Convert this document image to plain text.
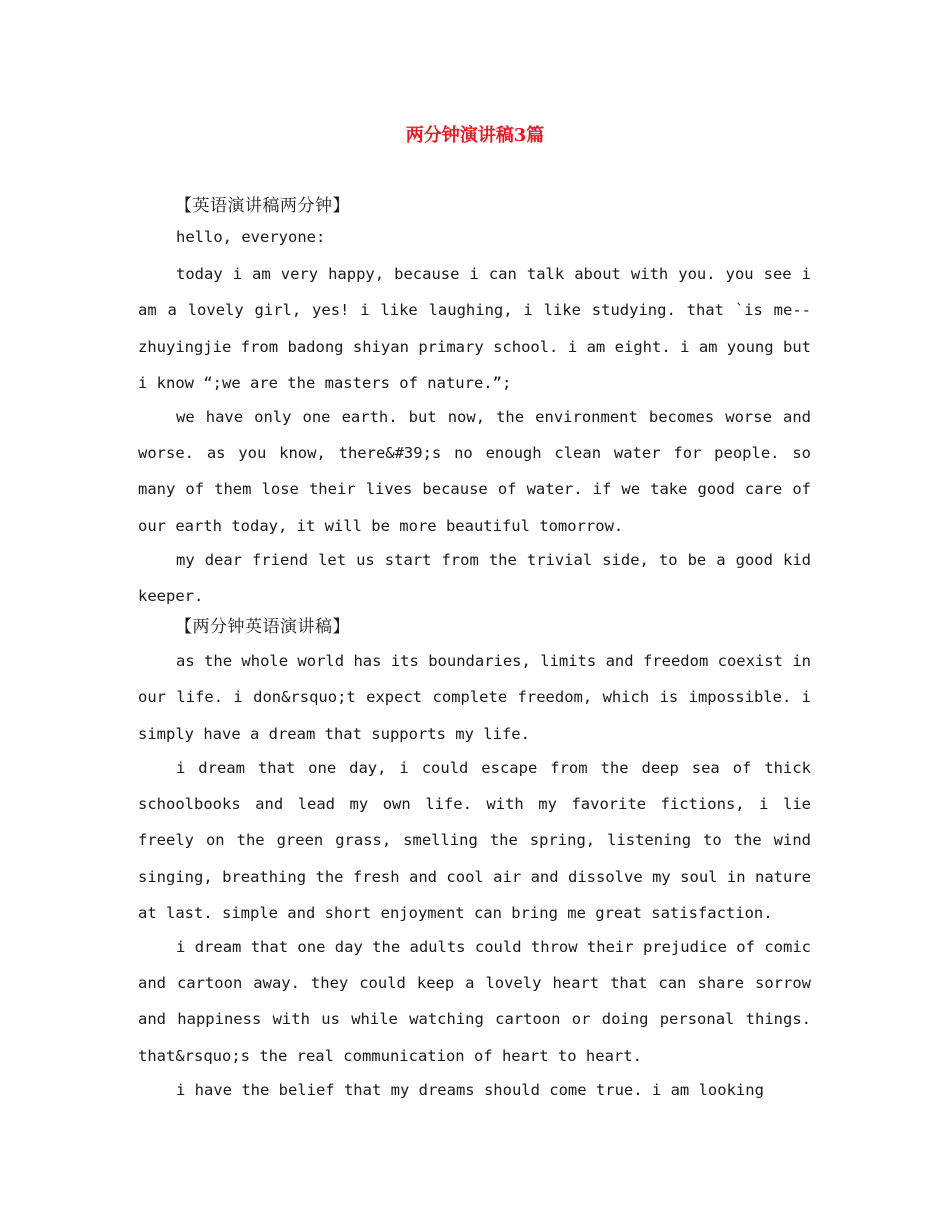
两分钟演讲稿3篇

【英语演讲稿两分钟】

hello, everyone:

today i am very happy, because i can talk about with you. you see i am a lovely girl, yes! i like laughing, i like studying. that `is me--zhuyingjie from badong shiyan primary school. i am eight. i am young but i know “;we are the masters of nature.”;

we have only one earth. but now, the environment becomes worse and worse. as you know, there&#39;s no enough clean water for people. so many of them lose their lives because of water. if we take good care of our earth today, it will be more beautiful tomorrow.

my dear friend let us start from the trivial side, to be a good kid keeper.

【两分钟英语演讲稿】

as the whole world has its boundaries, limits and freedom coexist in our life. i don&rsquo;t expect complete freedom, which is impossible. i simply have a dream that supports my life.

i dream that one day, i could escape from the deep sea of thick schoolbooks and lead my own life. with my favorite fictions, i lie freely on the green grass, smelling the spring, listening to the wind singing, breathing the fresh and cool air and dissolve my soul in nature at last. simple and short enjoyment can bring me great satisfaction.

i dream that one day the adults could throw their prejudice of comic and cartoon away. they could keep a lovely heart that can share sorrow and happiness with us while watching cartoon or doing personal things. that&rsquo;s the real communication of heart to heart.

i have the belief that my dreams should come true. i am looking
